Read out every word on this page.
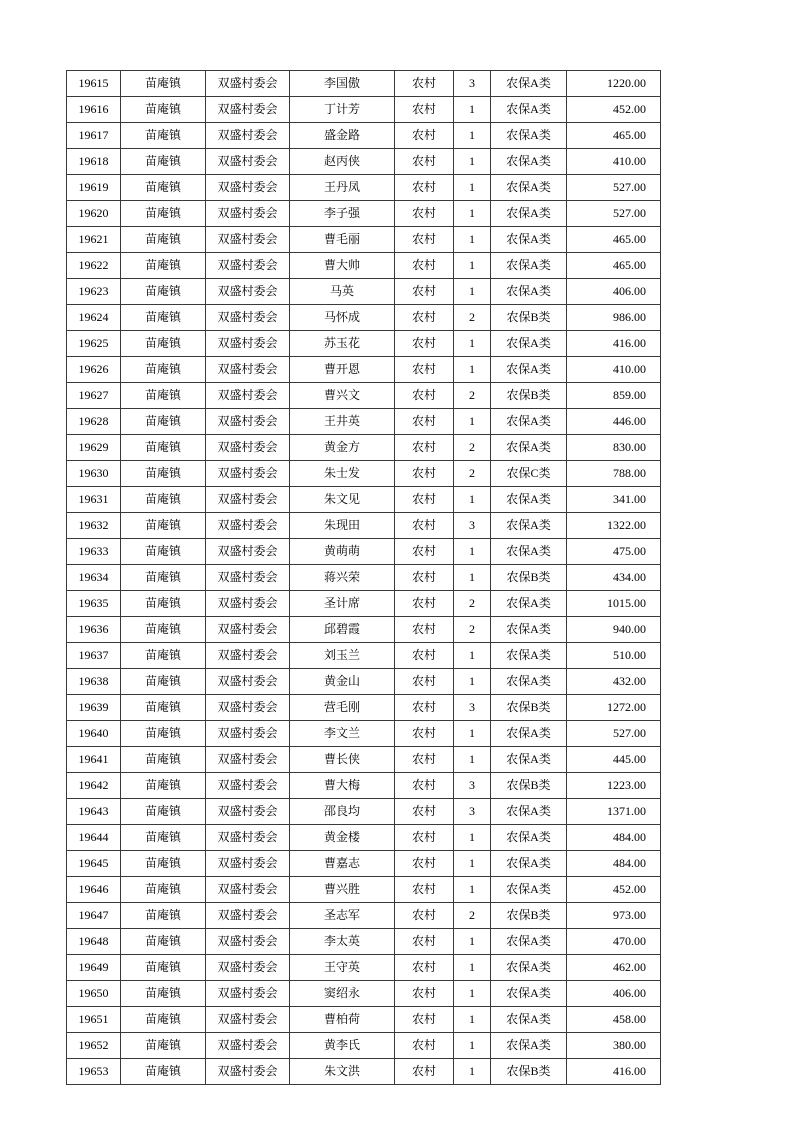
19615	苗庵镇	双盛村委会	李国傲	农村	3	农保A类	1220.00
19616	苗庵镇	双盛村委会	丁计芳	农村	1	农保A类	452.00
19617	苗庵镇	双盛村委会	盛金路	农村	1	农保A类	465.00
19618	苗庵镇	双盛村委会	赵丙侠	农村	1	农保A类	410.00
19619	苗庵镇	双盛村委会	王丹凤	农村	1	农保A类	527.00
19620	苗庵镇	双盛村委会	李子强	农村	1	农保A类	527.00
19621	苗庵镇	双盛村委会	曹毛丽	农村	1	农保A类	465.00
19622	苗庵镇	双盛村委会	曹大帅	农村	1	农保A类	465.00
19623	苗庵镇	双盛村委会	马英	农村	1	农保A类	406.00
19624	苗庵镇	双盛村委会	马怀成	农村	2	农保B类	986.00
19625	苗庵镇	双盛村委会	苏玉花	农村	1	农保A类	416.00
19626	苗庵镇	双盛村委会	曹开恩	农村	1	农保A类	410.00
19627	苗庵镇	双盛村委会	曹兴文	农村	2	农保B类	859.00
19628	苗庵镇	双盛村委会	王井英	农村	1	农保A类	446.00
19629	苗庵镇	双盛村委会	黄金方	农村	2	农保A类	830.00
19630	苗庵镇	双盛村委会	朱士发	农村	2	农保C类	788.00
19631	苗庵镇	双盛村委会	朱文见	农村	1	农保A类	341.00
19632	苗庵镇	双盛村委会	朱现田	农村	3	农保A类	1322.00
19633	苗庵镇	双盛村委会	黄萌萌	农村	1	农保A类	475.00
19634	苗庵镇	双盛村委会	蒋兴荣	农村	1	农保B类	434.00
19635	苗庵镇	双盛村委会	圣计席	农村	2	农保A类	1015.00
19636	苗庵镇	双盛村委会	邱碧霞	农村	2	农保A类	940.00
19637	苗庵镇	双盛村委会	刘玉兰	农村	1	农保A类	510.00
19638	苗庵镇	双盛村委会	黄金山	农村	1	农保A类	432.00
19639	苗庵镇	双盛村委会	营毛刚	农村	3	农保B类	1272.00
19640	苗庵镇	双盛村委会	李文兰	农村	1	农保A类	527.00
19641	苗庵镇	双盛村委会	曹长侠	农村	1	农保A类	445.00
19642	苗庵镇	双盛村委会	曹大梅	农村	3	农保B类	1223.00
19643	苗庵镇	双盛村委会	邵良均	农村	3	农保A类	1371.00
19644	苗庵镇	双盛村委会	黄金楼	农村	1	农保A类	484.00
19645	苗庵镇	双盛村委会	曹嘉志	农村	1	农保A类	484.00
19646	苗庵镇	双盛村委会	曹兴胜	农村	1	农保A类	452.00
19647	苗庵镇	双盛村委会	圣志军	农村	2	农保B类	973.00
19648	苗庵镇	双盛村委会	李太英	农村	1	农保A类	470.00
19649	苗庵镇	双盛村委会	王守英	农村	1	农保A类	462.00
19650	苗庵镇	双盛村委会	窦绍永	农村	1	农保A类	406.00
19651	苗庵镇	双盛村委会	曹柏荷	农村	1	农保A类	458.00
19652	苗庵镇	双盛村委会	黄李氏	农村	1	农保A类	380.00
19653	苗庵镇	双盛村委会	朱文洪	农村	1	农保B类	416.00
